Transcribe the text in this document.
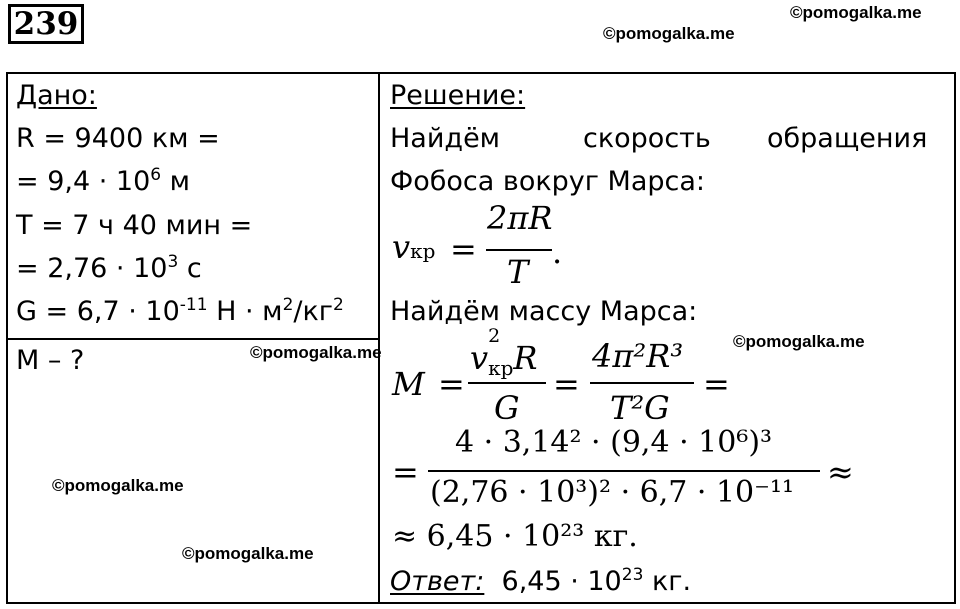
239	©pomogalka.me
©pomogalka.me
Дано:
R = 9400 км =
= $9,4 \cdot 10^6$ м
T = 7 ч 40 мин =
= $2,76 \cdot 10^3$ с
$G = 6,7 \cdot 10^{-11}$ $Н \cdot м^2/кг^2$
M – ?	©pomogalka.me
©pomogalka.me
©pomogalka.me
©pomogalka.me
Решение:
Найдём	скорость обращения
Фобоса вокруг Марса:
vкр =
2πR
T
.
Найдём массу Марса:
M =
v
2
крR
G
=
4π²R³
T²G
=
=
4 · 3,14² · (9,4 · 10⁶)³
(2,76 · 10³)² · 6,7 · 10⁻¹¹
≈
≈ 6,45 · 10²³ кг.
Ответ: $6,45 \cdot 10^{23}$ кг.
